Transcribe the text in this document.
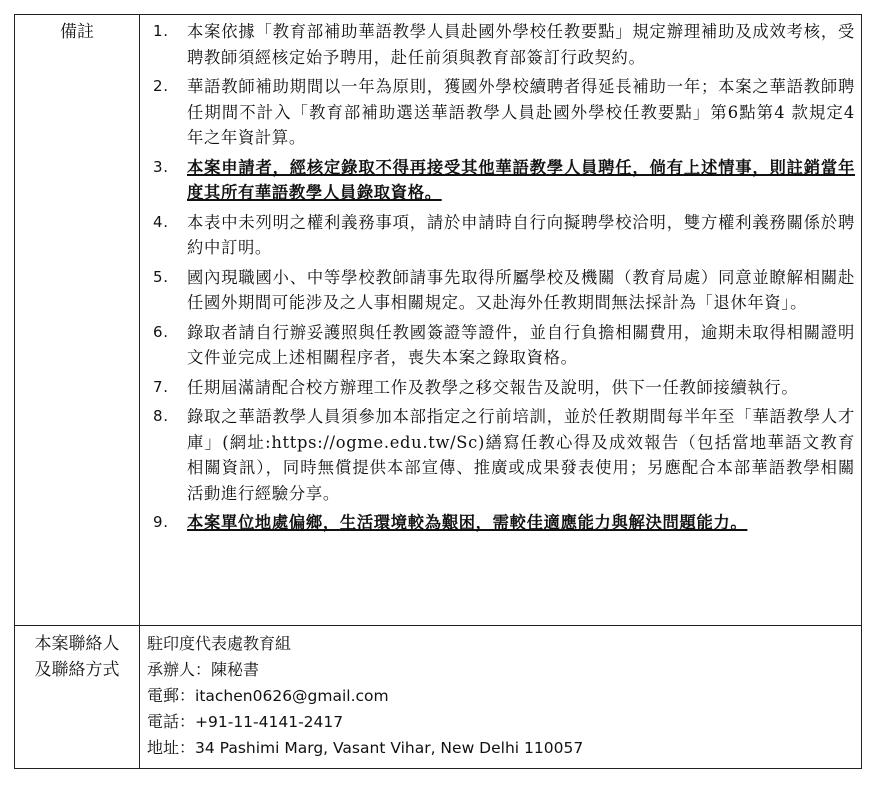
備註
本案聯絡人
及聯絡方式
1. 本案依據「教育部補助華語教學人員赴國外學校任教要點」規定辦理補助及成效考核，受聘教師須經核定始予聘用，赴任前須與教育部簽訂行政契約。
2. 華語教師補助期間以一年為原則，獲國外學校續聘者得延長補助一年；本案之華語教師聘任期間不計入「教育部補助選送華語教學人員赴國外學校任教要點」第6點第4 款規定4 年之年資計算。
3. 本案申請者，經核定錄取不得再接受其他華語教學人員聘任，倘有上述情事，則註銷當年度其所有華語教學人員錄取資格。
4. 本表中未列明之權利義務事項，請於申請時自行向擬聘學校洽明，雙方權利義務關係於聘約中訂明。
5. 國內現職國小、中等學校教師請事先取得所屬學校及機關（教育局處）同意並瞭解相關赴任國外期間可能涉及之人事相關規定。又赴海外任教期間無法採計為「退休年資」。
6. 錄取者請自行辦妥護照與任教國簽證等證件，並自行負擔相關費用，逾期未取得相關證明文件並完成上述相關程序者，喪失本案之錄取資格。
7. 任期屆滿請配合校方辦理工作及教學之移交報告及說明，供下一任教師接續執行。
8. 錄取之華語教學人員須參加本部指定之行前培訓，並於任教期間每半年至「華語教學人才庫」(網址:https://ogme.edu.tw/Sc)繕寫任教心得及成效報告（包括當地華語文教育相關資訊），同時無償提供本部宣傳、推廣或成果發表使用；另應配合本部華語教學相關活動進行經驗分享。
9. 本案單位地處偏鄉，生活環境較為艱困，需較佳適應能力與解決問題能力。
駐印度代表處教育組
承辦人：陳秘書
電郵：itachen0626@gmail.com
電話：+91-11-4141-2417
地址：34 Pashimi Marg, Vasant Vihar, New Delhi 110057
